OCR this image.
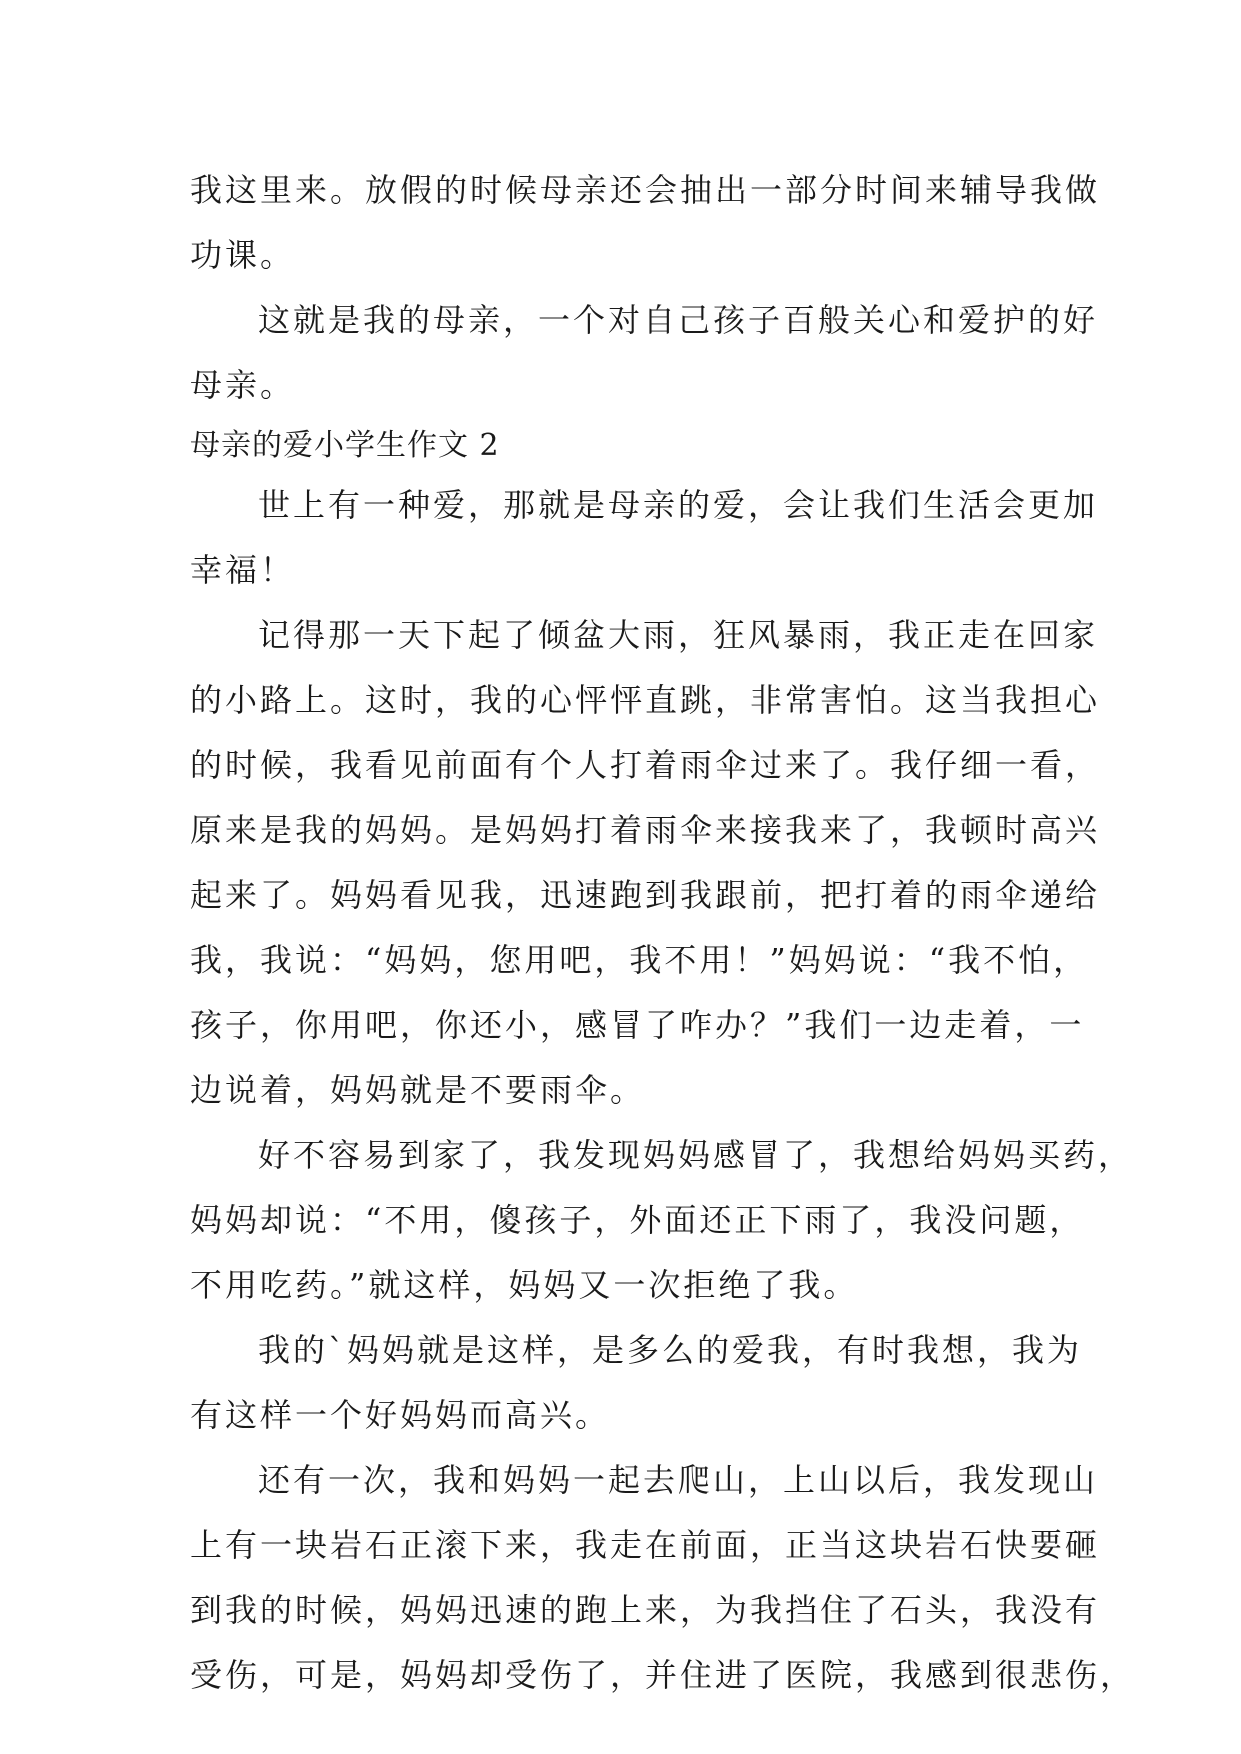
我这里来。放假的时候母亲还会抽出一部分时间来辅导我做
功课。
这就是我的母亲，一个对自己孩子百般关心和爱护的好
母亲。
母亲的爱小学生作文 2
世上有一种爱，那就是母亲的爱，会让我们生活会更加
幸福！
记得那一天下起了倾盆大雨，狂风暴雨，我正走在回家
的小路上。这时，我的心怦怦直跳，非常害怕。这当我担心
的时候，我看见前面有个人打着雨伞过来了。我仔细一看，
原来是我的妈妈。是妈妈打着雨伞来接我来了，我顿时高兴
起来了。妈妈看见我，迅速跑到我跟前，把打着的雨伞递给
我，我说：“妈妈，您用吧，我不用！”妈妈说：“我不怕，
孩子，你用吧，你还小，感冒了咋办？”我们一边走着，一
边说着，妈妈就是不要雨伞。
好不容易到家了，我发现妈妈感冒了，我想给妈妈买药，
妈妈却说：“不用，傻孩子，外面还正下雨了，我没问题，
不用吃药。”就这样，妈妈又一次拒绝了我。
我的`妈妈就是这样，是多么的爱我，有时我想，我为
有这样一个好妈妈而高兴。
还有一次，我和妈妈一起去爬山，上山以后，我发现山
上有一块岩石正滚下来，我走在前面，正当这块岩石快要砸
到我的时候，妈妈迅速的跑上来，为我挡住了石头，我没有
受伤，可是，妈妈却受伤了，并住进了医院，我感到很悲伤，
